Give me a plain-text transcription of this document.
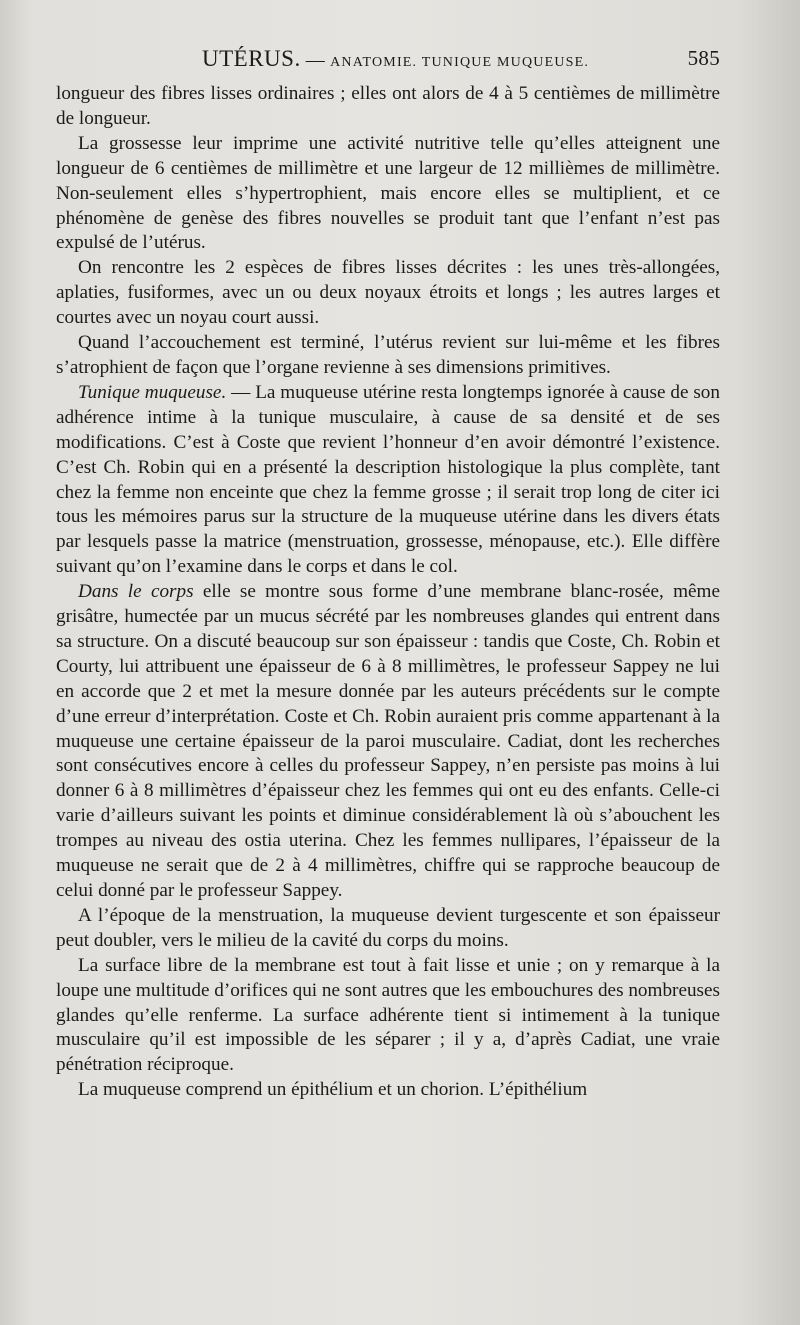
UTÉRUS. — ANATOMIE. TUNIQUE MUQUEUSE.	585

longueur des fibres lisses ordinaires ; elles ont alors de 4 à 5 centièmes de millimètre de longueur.

La grossesse leur imprime une activité nutritive telle qu’elles atteignent une longueur de 6 centièmes de millimètre et une largeur de 12 millièmes de millimètre. Non-seulement elles s’hypertrophient, mais encore elles se multiplient, et ce phénomène de genèse des fibres nouvelles se produit tant que l’enfant n’est pas expulsé de l’utérus.

On rencontre les 2 espèces de fibres lisses décrites : les unes très-allongées, aplaties, fusiformes, avec un ou deux noyaux étroits et longs ; les autres larges et courtes avec un noyau court aussi.

Quand l’accouchement est terminé, l’utérus revient sur lui-même et les fibres s’atrophient de façon que l’organe revienne à ses dimensions primitives.

Tunique muqueuse. — La muqueuse utérine resta longtemps ignorée à cause de son adhérence intime à la tunique musculaire, à cause de sa densité et de ses modifications. C’est à Coste que revient l’honneur d’en avoir démontré l’existence. C’est Ch. Robin qui en a présenté la description histologique la plus complète, tant chez la femme non enceinte que chez la femme grosse ; il serait trop long de citer ici tous les mémoires parus sur la structure de la muqueuse utérine dans les divers états par lesquels passe la matrice (menstruation, grossesse, ménopause, etc.). Elle diffère suivant qu’on l’examine dans le corps et dans le col.

Dans le corps elle se montre sous forme d’une membrane blanc-rosée, même grisâtre, humectée par un mucus sécrété par les nombreuses glandes qui entrent dans sa structure. On a discuté beaucoup sur son épaisseur : tandis que Coste, Ch. Robin et Courty, lui attribuent une épaisseur de 6 à 8 millimètres, le professeur Sappey ne lui en accorde que 2 et met la mesure donnée par les auteurs précédents sur le compte d’une erreur d’interprétation. Coste et Ch. Robin auraient pris comme appartenant à la muqueuse une certaine épaisseur de la paroi musculaire. Cadiat, dont les recherches sont consécutives encore à celles du professeur Sappey, n’en persiste pas moins à lui donner 6 à 8 millimètres d’épaisseur chez les femmes qui ont eu des enfants. Celle-ci varie d’ailleurs suivant les points et diminue considérablement là où s’abouchent les trompes au niveau des ostia uterina. Chez les femmes nullipares, l’épaisseur de la muqueuse ne serait que de 2 à 4 millimètres, chiffre qui se rapproche beaucoup de celui donné par le professeur Sappey.

A l’époque de la menstruation, la muqueuse devient turgescente et son épaisseur peut doubler, vers le milieu de la cavité du corps du moins.

La surface libre de la membrane est tout à fait lisse et unie ; on y remarque à la loupe une multitude d’orifices qui ne sont autres que les embouchures des nombreuses glandes qu’elle renferme. La surface adhérente tient si intimement à la tunique musculaire qu’il est impossible de les séparer ; il y a, d’après Cadiat, une vraie pénétration réciproque.

La muqueuse comprend un épithélium et un chorion. L’épithélium
